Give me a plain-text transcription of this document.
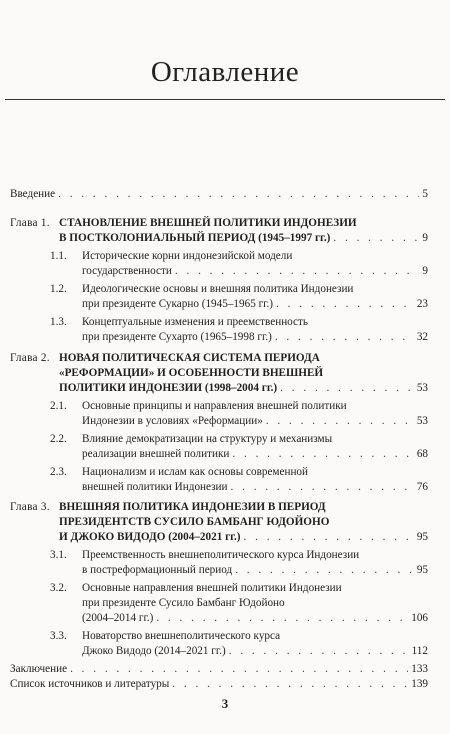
Оглавление
Введение . . .	5
Глава 1. СТАНОВЛЕНИЕ ВНЕШНЕЙ ПОЛИТИКИ ИНДОНЕЗИИ
В ПОСТКОЛОНИАЛЬНЫЙ ПЕРИОД (1945–1997 гг.) . . .	9
1.1. Исторические корни индонезийской модели
государственности . . .	9
1.2. Идеологические основы и внешняя политика Индонезии
при президенте Сукарно (1945–1965 гг.) . . .	23
1.3. Концептуальные изменения и преемственность
при президенте Сухарто (1965–1998 гг.) . . .	32
Глава 2. НОВАЯ ПОЛИТИЧЕСКАЯ СИСТЕМА ПЕРИОДА
«РЕФОРМАЦИИ» И ОСОБЕННОСТИ ВНЕШНЕЙ
ПОЛИТИКИ ИНДОНЕЗИИ (1998–2004 гг.) . . .	53
2.1. Основные принципы и направления внешней политики
Индонезии в условиях «Реформации» . . .	53
2.2. Влияние демократизации на структуру и механизмы
реализации внешней политики . . .	68
2.3. Национализм и ислам как основы современной
внешней политики Индонезии . . .	76
Глава 3. ВНЕШНЯЯ ПОЛИТИКА ИНДОНЕЗИИ В ПЕРИОД
ПРЕЗИДЕНТСТВ СУСИЛО БАМБАНГ ЮДОЙОНО
И ДЖОКО ВИДОДО (2004–2021 гг.) . . .	95
3.1. Преемственность внешнеполитического курса Индонезии
в постреформационный период . . .	95
3.2. Основные направления внешней политики Индонезии
при президенте Сусило Бамбанг Юдойоно
(2004–2014 гг.) . . .	106
3.3. Новаторство внешнеполитического курса
Джоко Видодо (2014–2021 гг.) . . .	112
Заключение . . .	133
Список источников и литературы . . .	139
3
